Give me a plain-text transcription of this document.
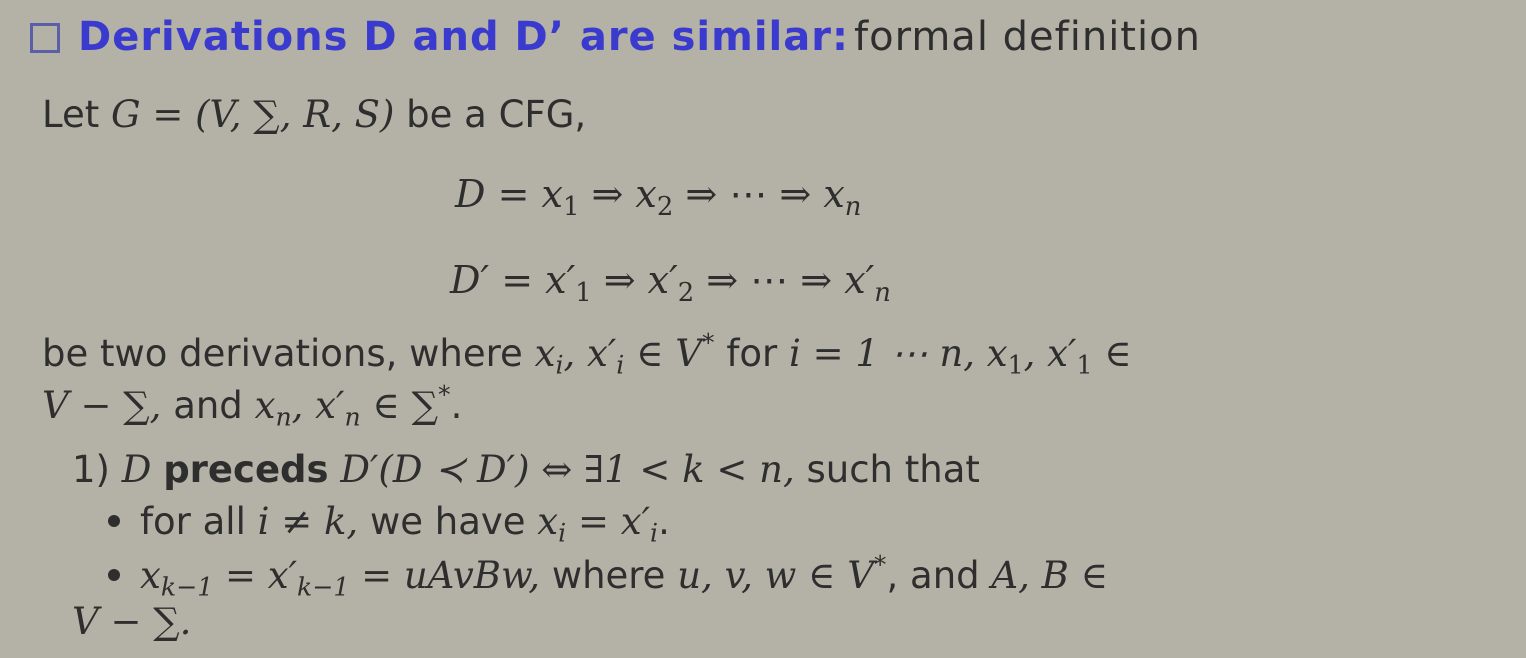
Derivations D and D’ are similar: formal definition
Let G = (V, ∑, R, S) be a CFG,
$D = x_1$ ⇒ $x_2$ ⇒ ⋯ ⇒ $x_n$
$D' = x'_1$ ⇒ $x'_2$ ⇒ ⋯ ⇒ $x'_n$
be two derivations, where $x_i$, $x'_i$ ∈ V* for i = 1 ⋯ n, $x_1$, $x'_1$ ∈
V − ∑, and $x_n$, $x'_n$ ∈ ∑*.
1) D preceds D′(D ≺ D′) ⇔ ∃1 < k < n, such that
for all i ≠ k, we have $x_i = x'_i$.
$x_{k-1} = x'_{k-1}$ = uAvBw, where u, v, w ∈ V*, and A, B ∈
V − ∑.
